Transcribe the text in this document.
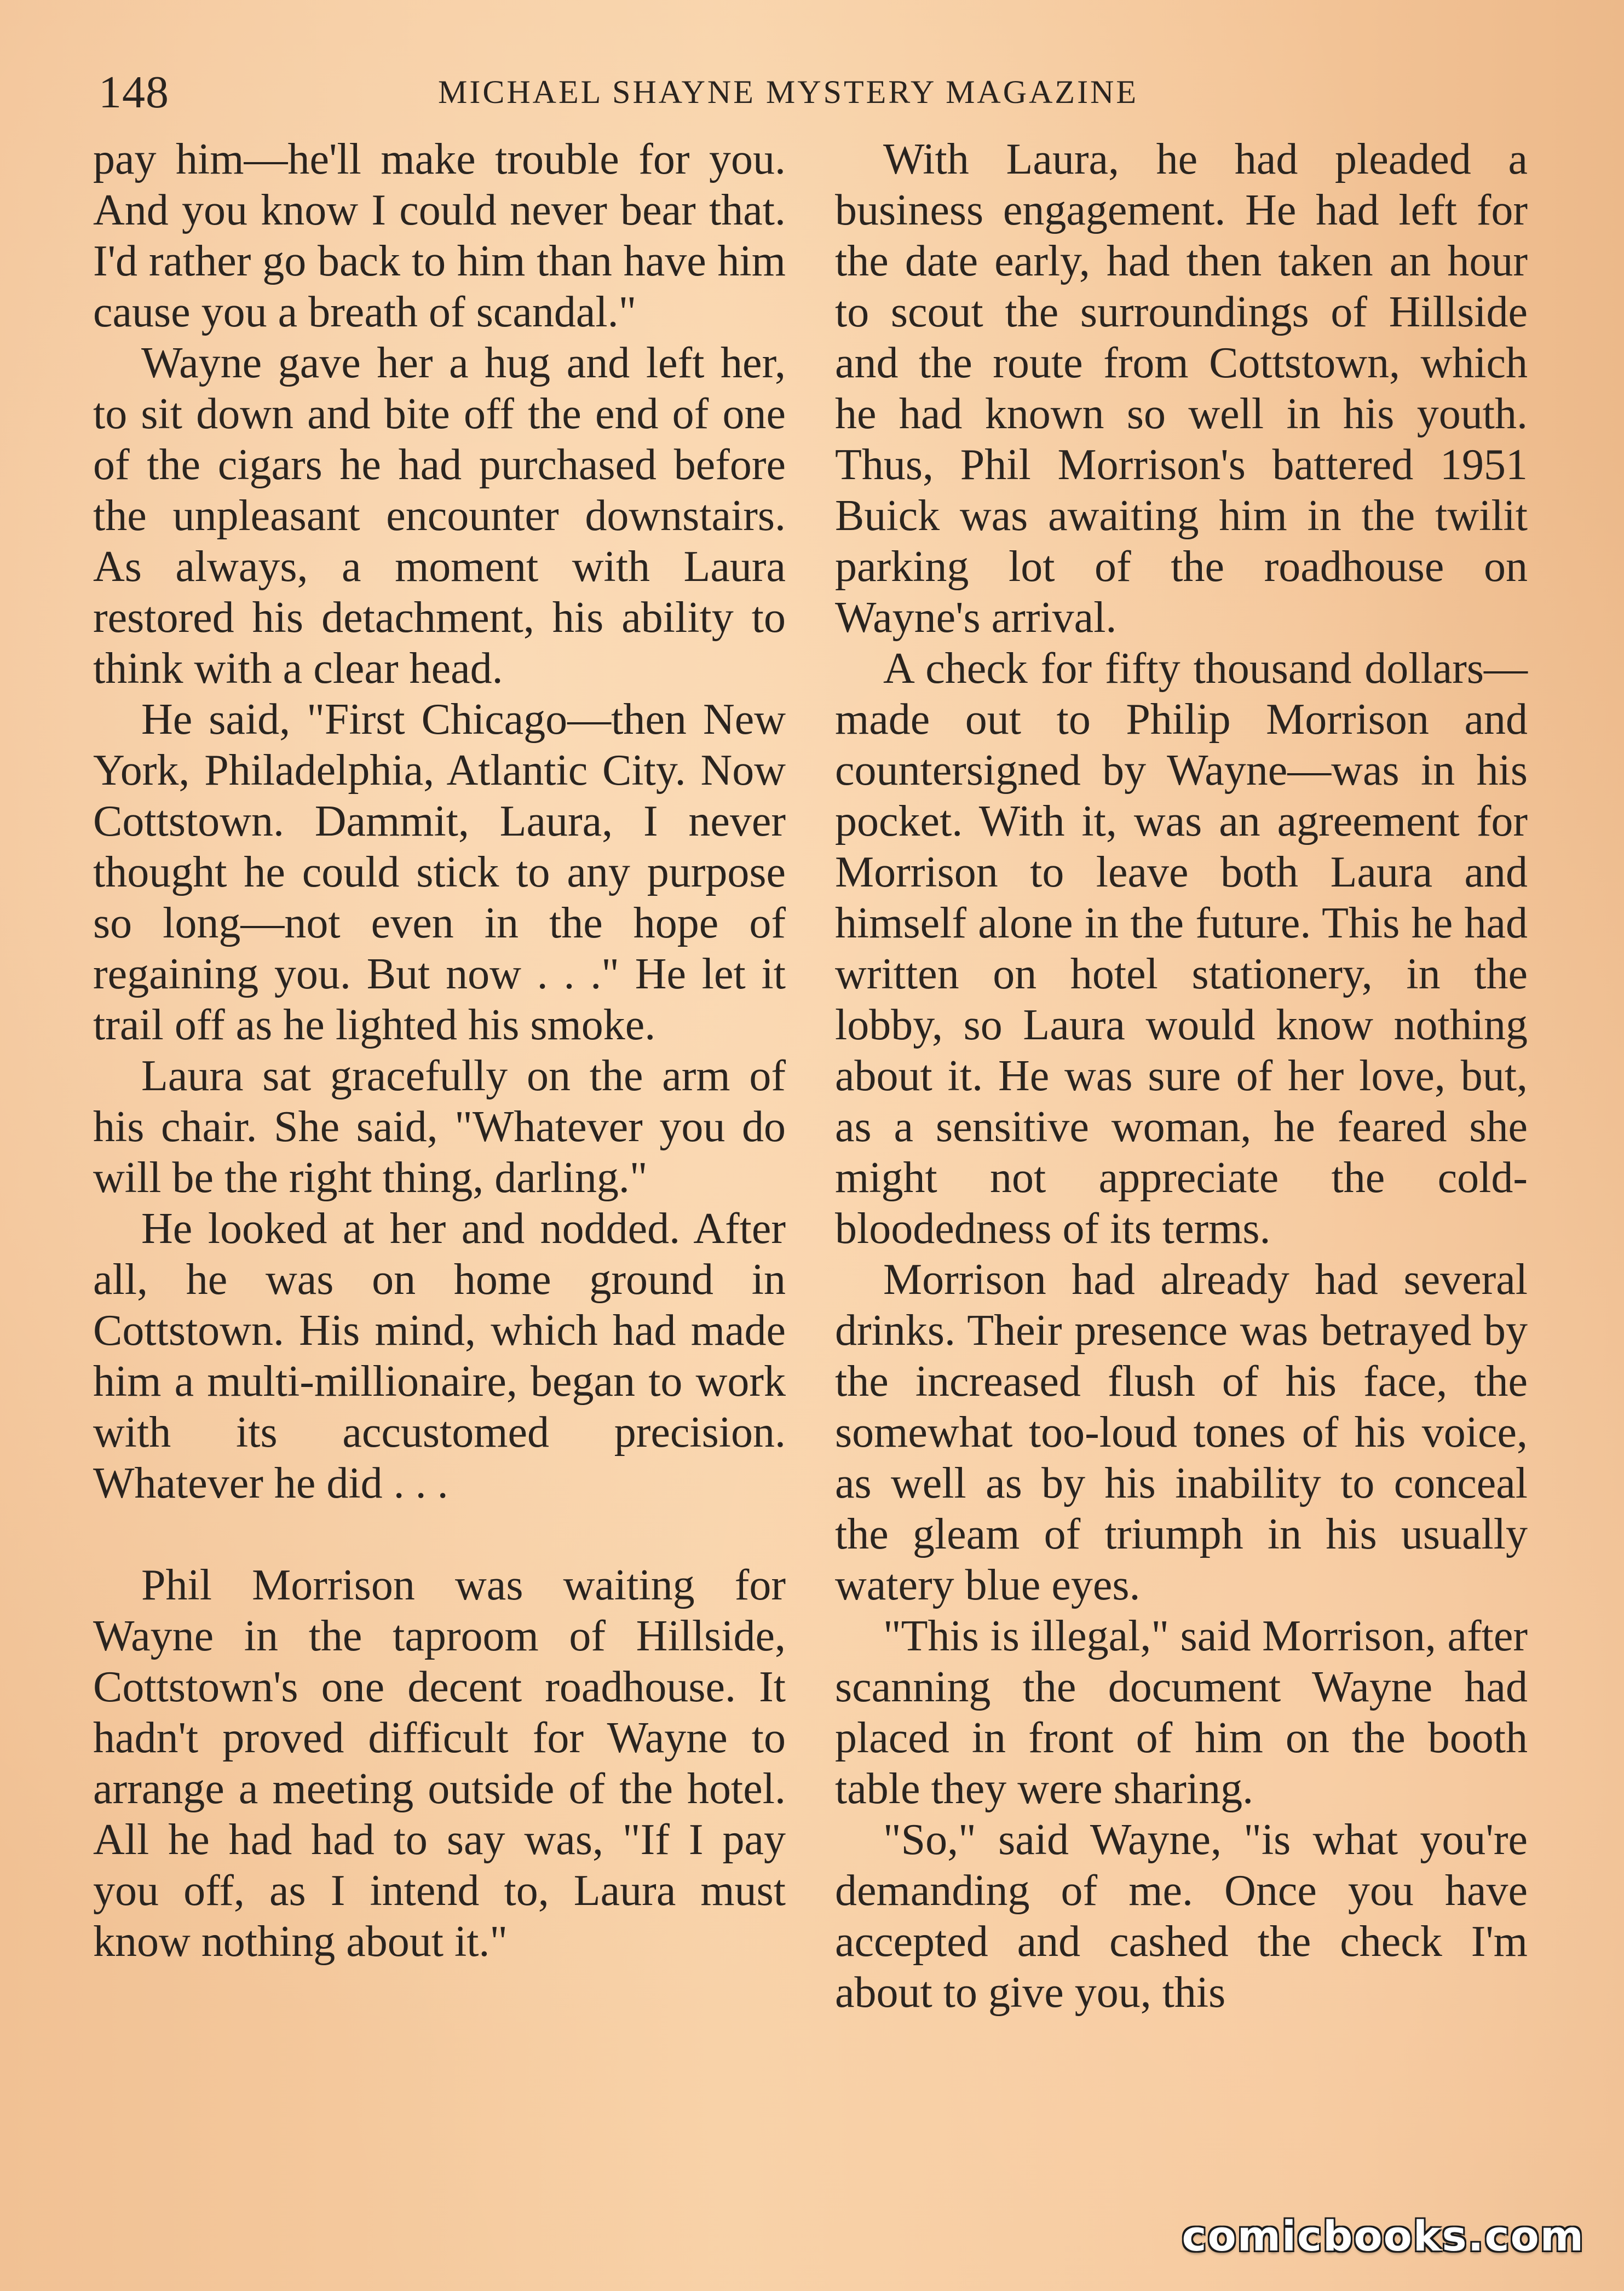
148	MICHAEL SHAYNE MYSTERY MAGAZINE

pay him—he'll make trouble for you. And you know I could never bear that. I'd rather go back to him than have him cause you a breath of scandal."

Wayne gave her a hug and left her, to sit down and bite off the end of one of the cigars he had purchased before the unpleasant encounter downstairs. As always, a moment with Laura restored his detachment, his ability to think with a clear head.

He said, "First Chicago—then New York, Philadelphia, Atlantic City. Now Cottstown. Dammit, Laura, I never thought he could stick to any purpose so long—not even in the hope of regaining you. But now . . ." He let it trail off as he lighted his smoke.

Laura sat gracefully on the arm of his chair. She said, "Whatever you do will be the right thing, darling."

He looked at her and nodded. After all, he was on home ground in Cottstown. His mind, which had made him a multi-millionaire, began to work with its accustomed precision. Whatever he did . . .

Phil Morrison was waiting for Wayne in the taproom of Hillside, Cottstown's one decent roadhouse. It hadn't proved difficult for Wayne to arrange a meeting outside of the hotel. All he had had to say was, "If I pay you off, as I intend to, Laura must know nothing about it."

With Laura, he had pleaded a business engagement. He had left for the date early, had then taken an hour to scout the surroundings of Hillside and the route from Cottstown, which he had known so well in his youth. Thus, Phil Morrison's battered 1951 Buick was awaiting him in the twilit parking lot of the roadhouse on Wayne's arrival.

A check for fifty thousand dollars—made out to Philip Morrison and countersigned by Wayne—was in his pocket. With it, was an agreement for Morrison to leave both Laura and himself alone in the future. This he had written on hotel stationery, in the lobby, so Laura would know nothing about it. He was sure of her love, but, as a sensitive woman, he feared she might not appreciate the cold-bloodedness of its terms.

Morrison had already had several drinks. Their presence was betrayed by the increased flush of his face, the somewhat too-loud tones of his voice, as well as by his inability to conceal the gleam of triumph in his usually watery blue eyes.

"This is illegal," said Morrison, after scanning the document Wayne had placed in front of him on the booth table they were sharing.

"So," said Wayne, "is what you're demanding of me. Once you have accepted and cashed the check I'm about to give you, this

comicbooks.com
